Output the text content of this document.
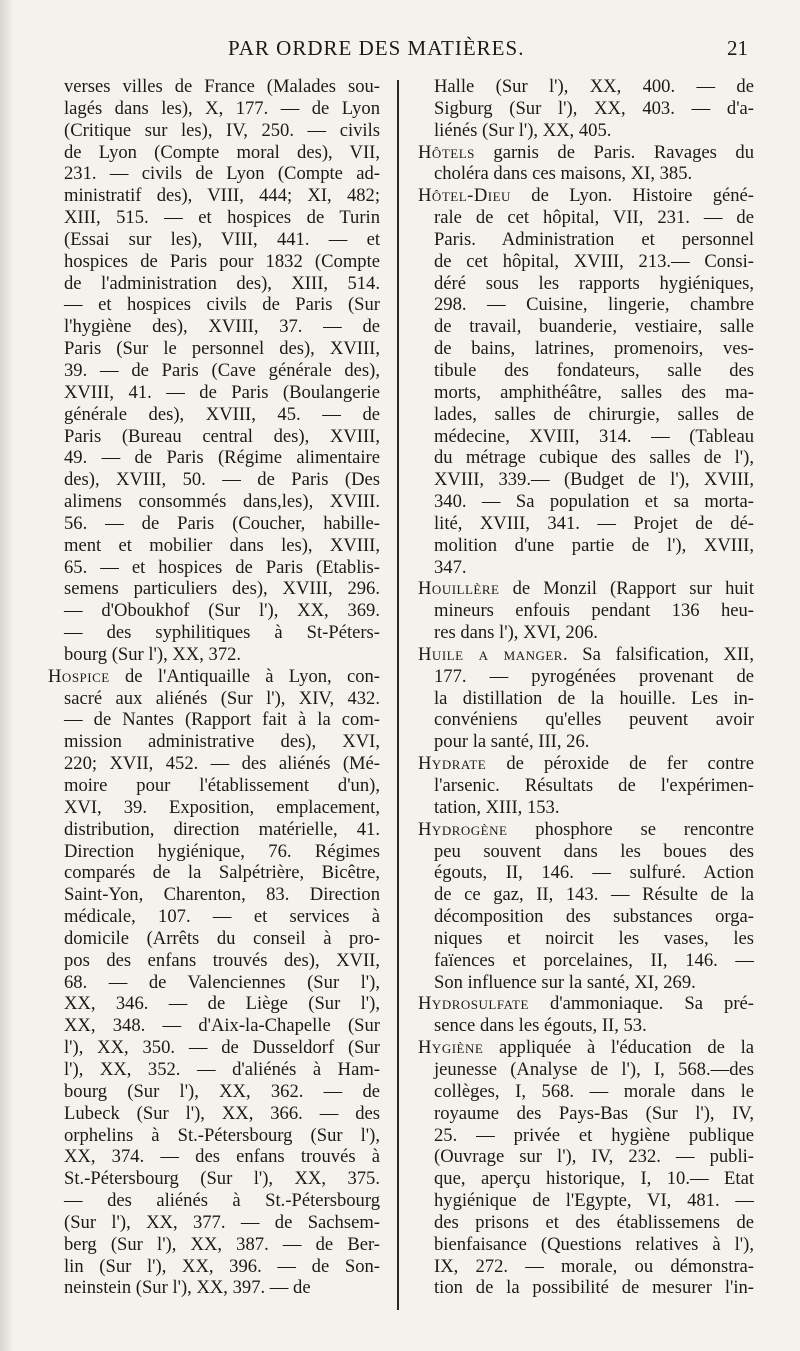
PAR ORDRE DES MATIÈRES.	21
verses villes de France (Malades sou-
lagés dans les), X, 177. — de Lyon
(Critique sur les), IV, 250. — civils
de Lyon (Compte moral des), VII,
231. — civils de Lyon (Compte ad-
ministratif des), VIII, 444; XI, 482;
XIII, 515. — et hospices de Turin
(Essai sur les), VIII, 441. — et
hospices de Paris pour 1832 (Compte
de l'administration des), XIII, 514.
— et hospices civils de Paris (Sur
l'hygiène des), XVIII, 37. — de
Paris (Sur le personnel des), XVIII,
39. — de Paris (Cave générale des),
XVIII, 41. — de Paris (Boulangerie
générale des), XVIII, 45. — de
Paris (Bureau central des), XVIII,
49. — de Paris (Régime alimentaire
des), XVIII, 50. — de Paris (Des
alimens consommés dans,les), XVIII.
56. — de Paris (Coucher, habille-
ment et mobilier dans les), XVIII,
65. — et hospices de Paris (Etablis-
semens particuliers des), XVIII, 296.
— d'Oboukhof (Sur l'), XX, 369.
— des syphilitiques à St-Péters-
bourg (Sur l'), XX, 372.
Hospice de l'Antiquaille à Lyon, con-
sacré aux aliénés (Sur l'), XIV, 432.
— de Nantes (Rapport fait à la com-
mission administrative des), XVI,
220; XVII, 452. — des aliénés (Mé-
moire pour l'établissement d'un),
XVI, 39. Exposition, emplacement,
distribution, direction matérielle, 41.
Direction hygiénique, 76. Régimes
comparés de la Salpétrière, Bicêtre,
Saint-Yon, Charenton, 83. Direction
médicale, 107. — et services à
domicile (Arrêts du conseil à pro-
pos des enfans trouvés des), XVII,
68. — de Valenciennes (Sur l'),
XX, 346. — de Liège (Sur l'),
XX, 348. — d'Aix-la-Chapelle (Sur
l'), XX, 350. — de Dusseldorf (Sur
l'), XX, 352. — d'aliénés à Ham-
bourg (Sur l'), XX, 362. — de
Lubeck (Sur l'), XX, 366. — des
orphelins à St.-Pétersbourg (Sur l'),
XX, 374. — des enfans trouvés à
St.-Pétersbourg (Sur l'), XX, 375.
— des aliénés à St.-Pétersbourg
(Sur l'), XX, 377. — de Sachsem-
berg (Sur l'), XX, 387. — de Ber-
lin (Sur l'), XX, 396. — de Son-
neinstein (Sur l'), XX, 397. — de
Halle (Sur l'), XX, 400. — de
Sigburg (Sur l'), XX, 403. — d'a-
liénés (Sur l'), XX, 405.
Hôtels garnis de Paris. Ravages du
choléra dans ces maisons, XI, 385.
Hôtel-Dieu de Lyon. Histoire géné-
rale de cet hôpital, VII, 231. — de
Paris. Administration et personnel
de cet hôpital, XVIII, 213.— Consi-
déré sous les rapports hygiéniques,
298. — Cuisine, lingerie, chambre
de travail, buanderie, vestiaire, salle
de bains, latrines, promenoirs, ves-
tibule des fondateurs, salle des
morts, amphithéâtre, salles des ma-
lades, salles de chirurgie, salles de
médecine, XVIII, 314. — (Tableau
du métrage cubique des salles de l'),
XVIII, 339.— (Budget de l'), XVIII,
340. — Sa population et sa morta-
lité, XVIII, 341. — Projet de dé-
molition d'une partie de l'), XVIII,
347.
Houillère de Monzil (Rapport sur huit
mineurs enfouis pendant 136 heu-
res dans l'), XVI, 206.
Huile a manger. Sa falsification, XII,
177. — pyrogénées provenant de
la distillation de la houille. Les in-
convéniens qu'elles peuvent avoir
pour la santé, III, 26.
Hydrate de péroxide de fer contre
l'arsenic. Résultats de l'expérimen-
tation, XIII, 153.
Hydrogène phosphore se rencontre
peu souvent dans les boues des
égouts, II, 146. — sulfuré. Action
de ce gaz, II, 143. — Résulte de la
décomposition des substances orga-
niques et noircit les vases, les
faïences et porcelaines, II, 146. —
Son influence sur la santé, XI, 269.
Hydrosulfate d'ammoniaque. Sa pré-
sence dans les égouts, II, 53.
Hygiène appliquée à l'éducation de la
jeunesse (Analyse de l'), I, 568.—des
collèges, I, 568. — morale dans le
royaume des Pays-Bas (Sur l'), IV,
25. — privée et hygiène publique
(Ouvrage sur l'), IV, 232. — publi-
que, aperçu historique, I, 10.— Etat
hygiénique de l'Egypte, VI, 481. —
des prisons et des établissemens de
bienfaisance (Questions relatives à l'),
IX, 272. — morale, ou démonstra-
tion de la possibilité de mesurer l'in-
